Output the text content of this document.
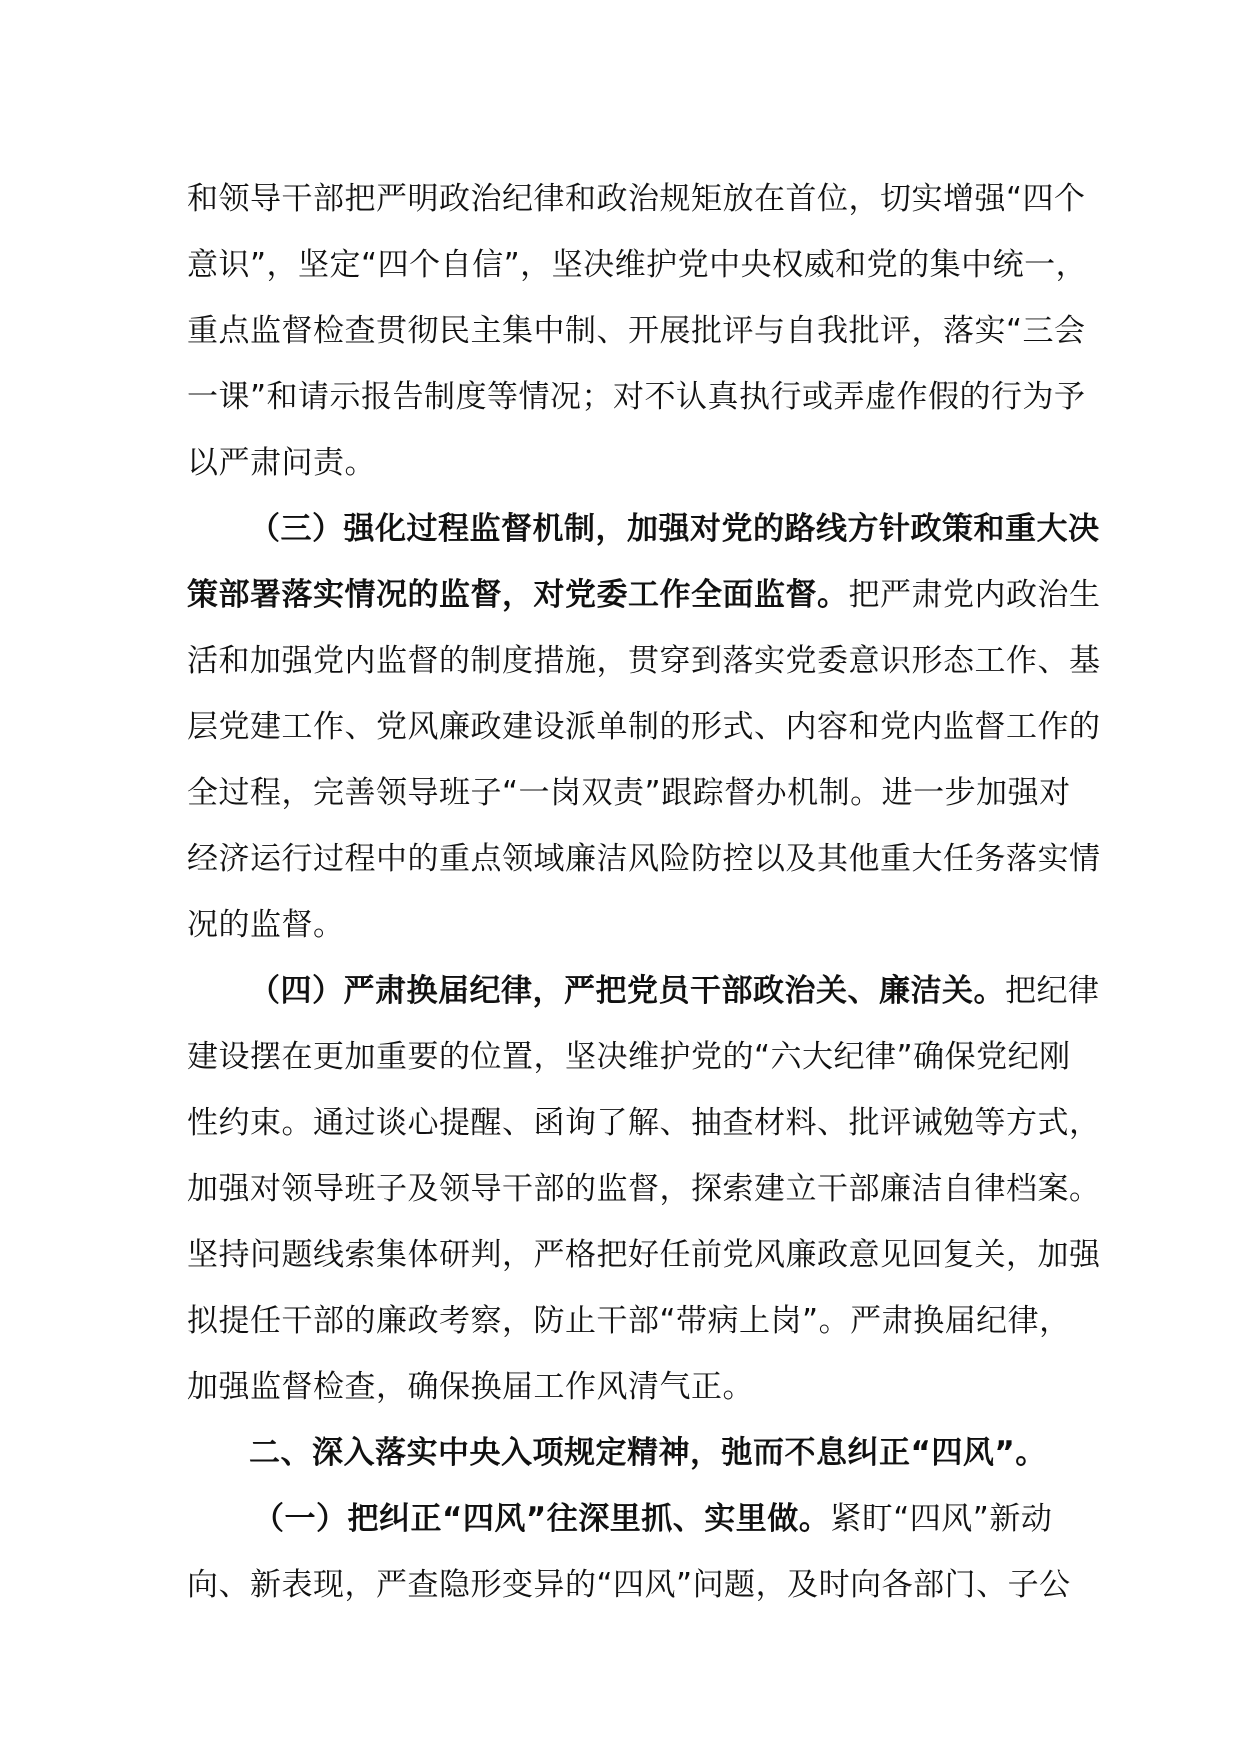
和领导干部把严明政治纪律和政治规矩放在首位，切实增强“四个
意识”，坚定“四个自信”，坚决维护党中央权威和党的集中统一，
重点监督检查贯彻民主集中制、开展批评与自我批评，落实“三会
一课”和请示报告制度等情况；对不认真执行或弄虚作假的行为予
以严肃问责。
（三）强化过程监督机制，加强对党的路线方针政策和重大决
策部署落实情况的监督，对党委工作全面监督。把严肃党内政治生
活和加强党内监督的制度措施，贯穿到落实党委意识形态工作、基
层党建工作、党风廉政建设派单制的形式、内容和党内监督工作的
全过程，完善领导班子“一岗双责”跟踪督办机制。进一步加强对
经济运行过程中的重点领域廉洁风险防控以及其他重大任务落实情
况的监督。
（四）严肃换届纪律，严把党员干部政治关、廉洁关。把纪律
建设摆在更加重要的位置，坚决维护党的“六大纪律”确保党纪刚
性约束。通过谈心提醒、函询了解、抽查材料、批评诫勉等方式，
加强对领导班子及领导干部的监督，探索建立干部廉洁自律档案。
坚持问题线索集体研判，严格把好任前党风廉政意见回复关，加强
拟提任干部的廉政考察，防止干部“带病上岗”。严肃换届纪律，
加强监督检查，确保换届工作风清气正。
二、深入落实中央入项规定精神，弛而不息纠正“四风”。
（一）把纠正“四风”往深里抓、实里做。紧盯“四风”新动
向、新表现，严查隐形变异的“四风”问题，及时向各部门、子公
